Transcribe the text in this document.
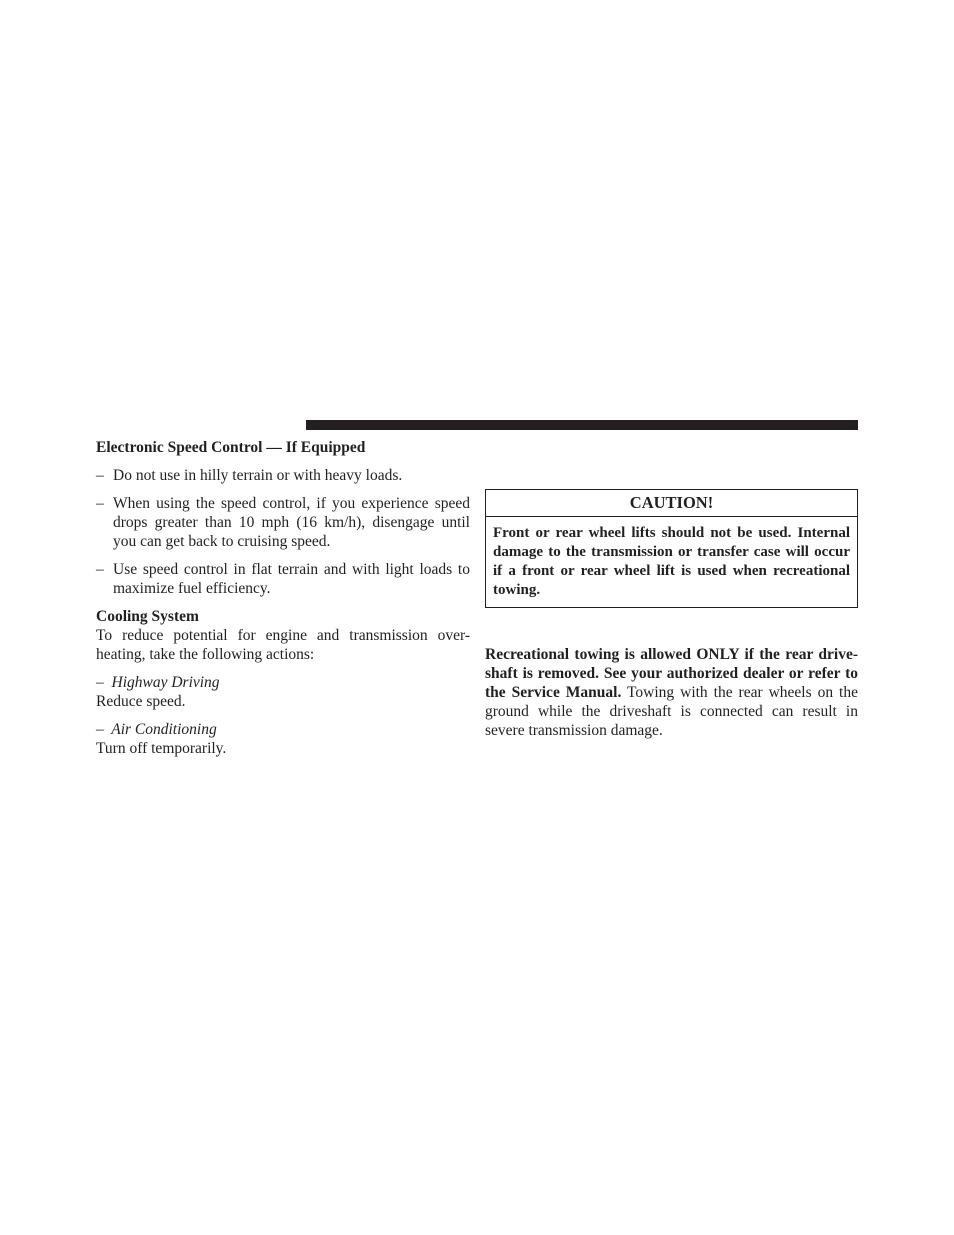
Electronic Speed Control — If Equipped

– Do not use in hilly terrain or with heavy loads.
– When using the speed control, if you experience speed drops greater than 10 mph (16 km/h), disengage until you can get back to cruising speed.
– Use speed control in flat terrain and with light loads to maximize fuel efficiency.

Cooling System

To reduce potential for engine and transmission over-heating, take the following actions:

– Highway Driving

Reduce speed.

– Air Conditioning

Turn off temporarily.

CAUTION!
Front or rear wheel lifts should not be used. Internal damage to the transmission or transfer case will occur if a front or rear wheel lift is used when recreational towing.

Recreational towing is allowed ONLY if the rear drive-shaft is removed. See your authorized dealer or refer to the Service Manual. Towing with the rear wheels on the ground while the driveshaft is connected can result in severe transmission damage.
